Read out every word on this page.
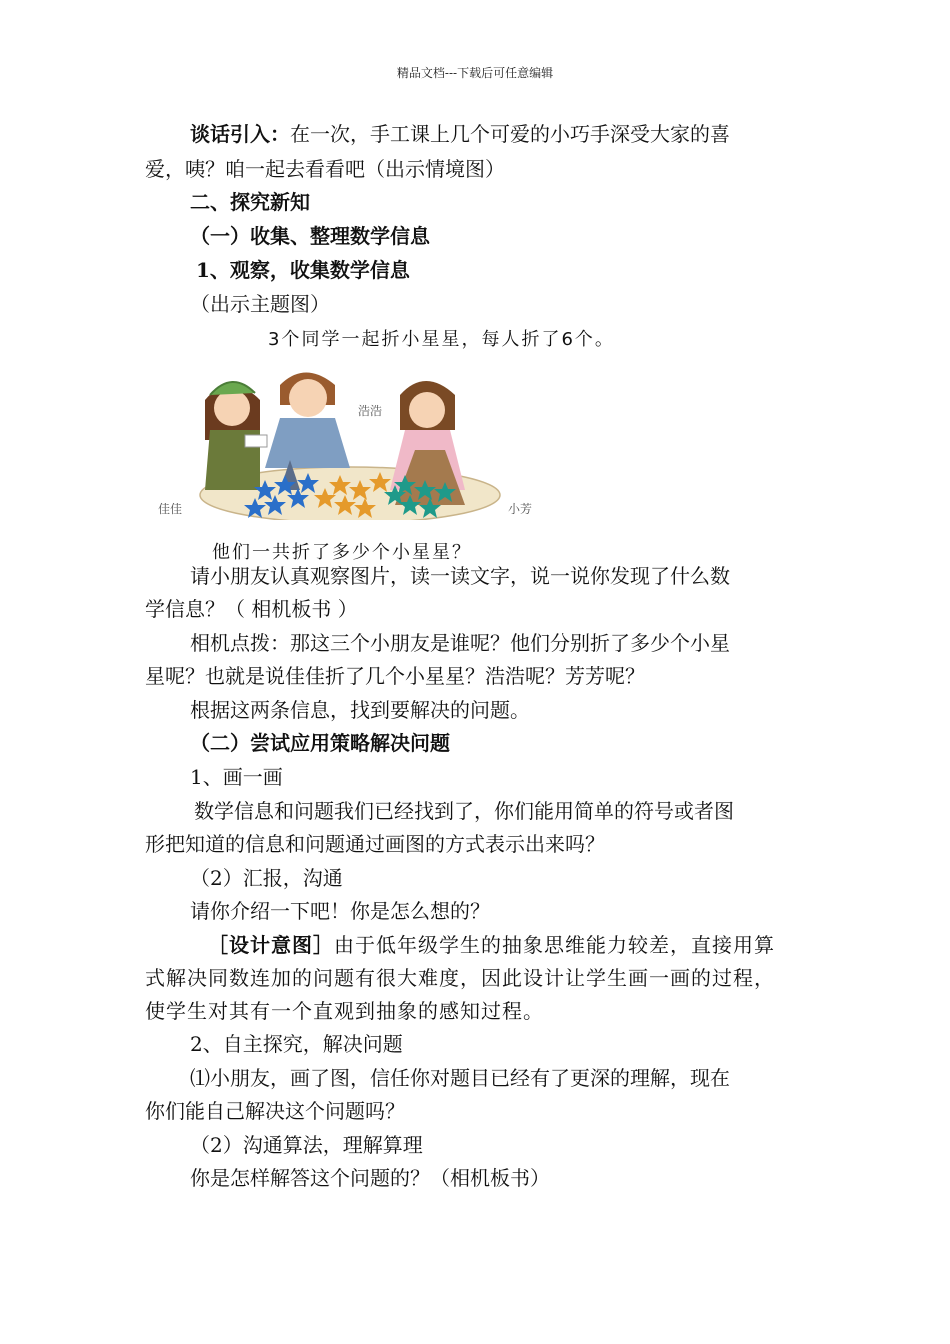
精品文档---下载后可任意编辑
谈话引入：在一次，手工课上几个可爱的小巧手深受大家的喜
爱，咦？咱一起去看看吧（出示情境图）
二、探究新知
（一）收集、整理数学信息
1、观察，收集数学信息
（出示主题图）
3个同学一起折小星星，每人折了6个。
佳佳
浩浩
小芳
他们一共折了多少个小星星？
请小朋友认真观察图片，读一读文字，说一说你发现了什么数
学信息？（ 相机板书 ）
相机点拨：那这三个小朋友是谁呢？他们分别折了多少个小星
星呢？也就是说佳佳折了几个小星星？浩浩呢？芳芳呢？
根据这两条信息，找到要解决的问题。
（二）尝试应用策略解决问题
1、画一画
数学信息和问题我们已经找到了，你们能用简单的符号或者图
形把知道的信息和问题通过画图的方式表示出来吗？
（2）汇报，沟通
请你介绍一下吧！你是怎么想的？
［设计意图］由于低年级学生的抽象思维能力较差，直接用算
式解决同数连加的问题有很大难度，因此设计让学生画一画的过程，
使学生对其有一个直观到抽象的感知过程。
2、自主探究，解决问题
⑴小朋友，画了图，信任你对题目已经有了更深的理解，现在
你们能自己解决这个问题吗？
（2）沟通算法，理解算理
你是怎样解答这个问题的？（相机板书）
